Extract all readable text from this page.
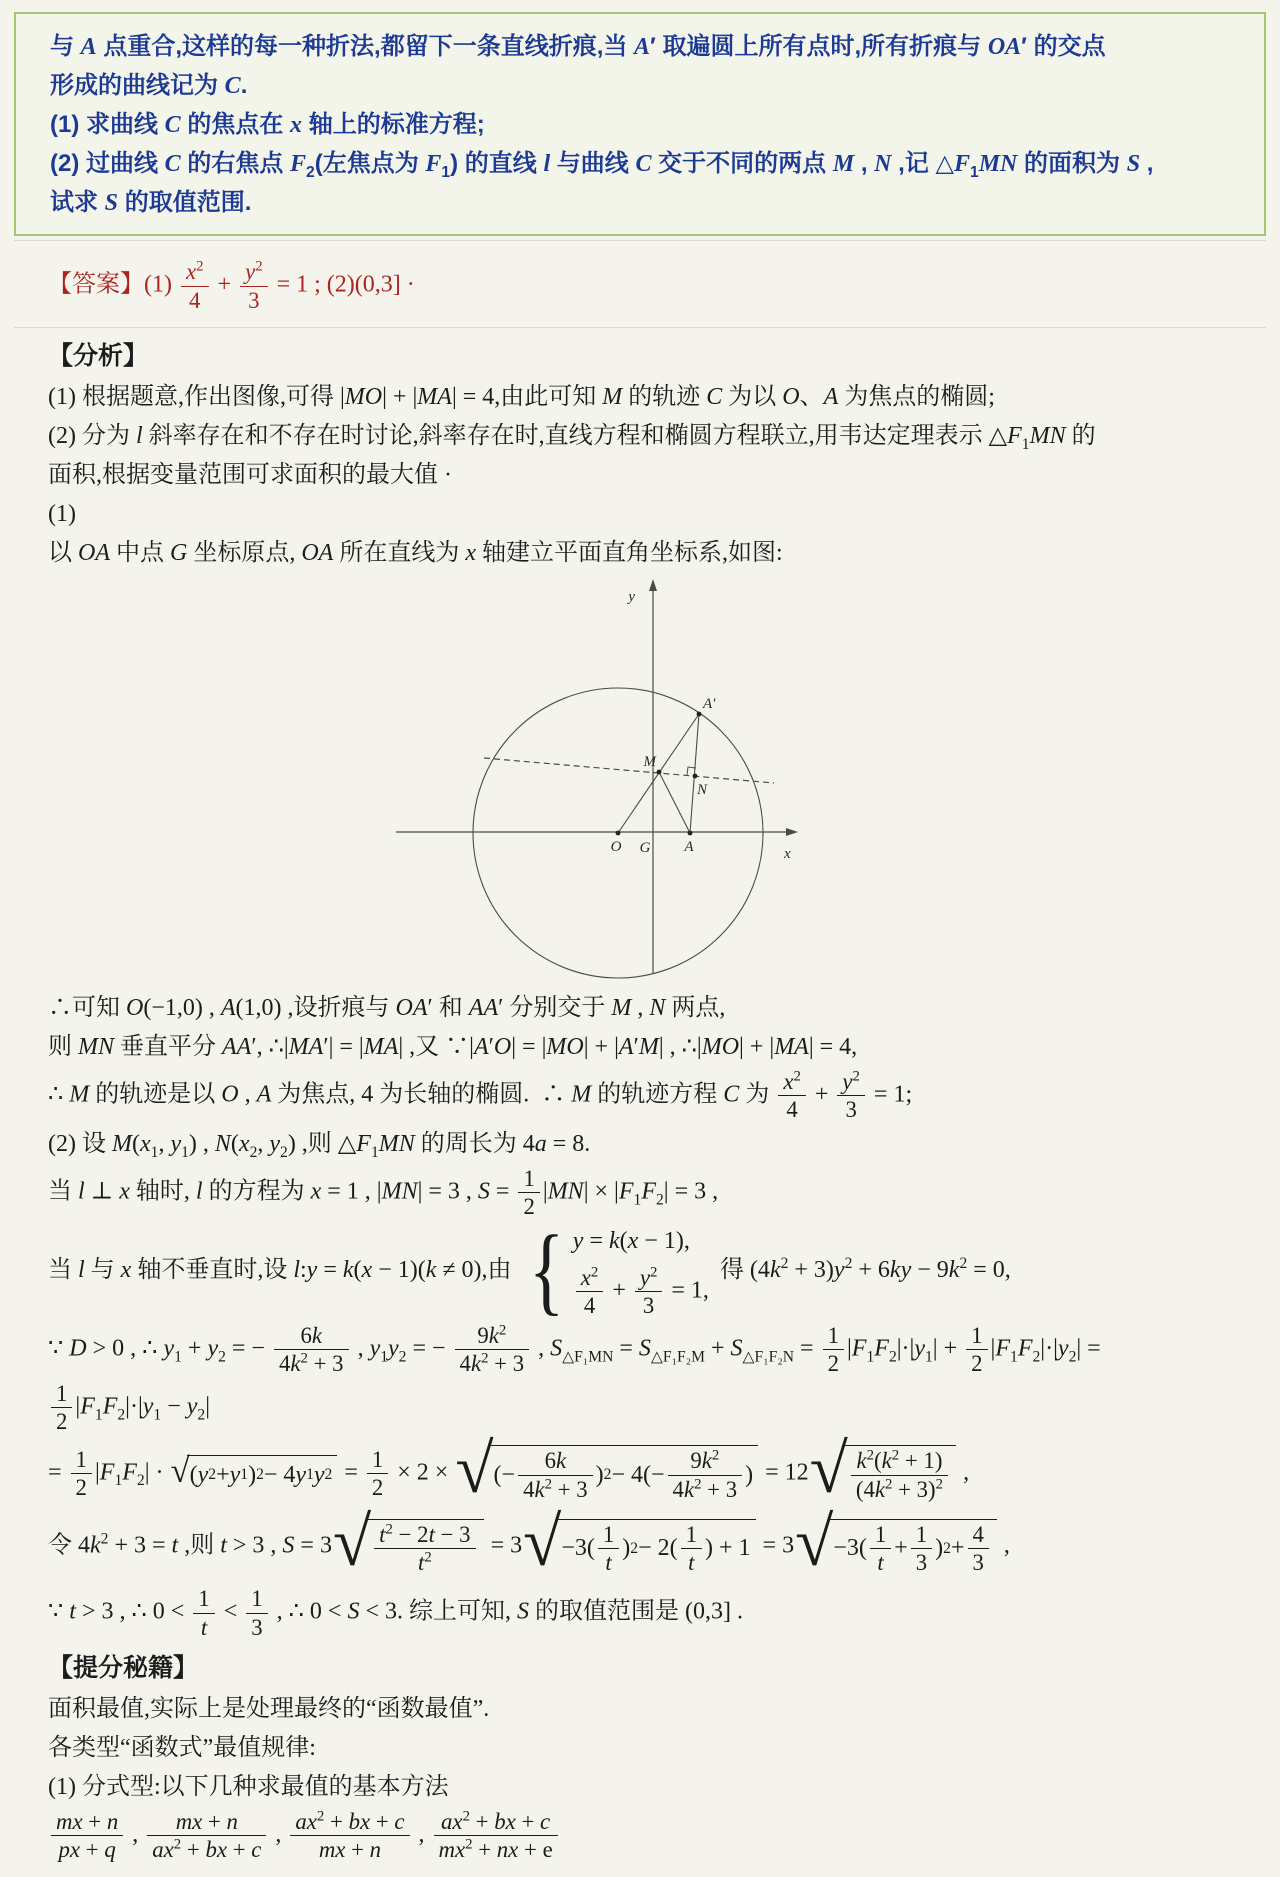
与 A 点重合,这样的每一种折法,都留下一条直线折痕,当 A′ 取遍圆上所有点时,所有折痕与 OA′ 的交点
形成的曲线记为 C.
(1) 求曲线 C 的焦点在 x 轴上的标准方程;
(2) 过曲线 C 的右焦点 $F_2$(左焦点为 $F_1$) 的直线 l 与曲线 C 交于不同的两点 M , N ,记 $\triangle F_1MN$ 的面积为 S ,
试求 S 的取值范围.
【答案】$(1) \frac{x^2}{4} + \frac{y^2}{3} = 1$ ; (2)(0,3] ·
【分析】
(1) 根据题意,作出图像,可得 |MO| + |MA| = 4,由此可知 M 的轨迹 C 为以 O、A 为焦点的椭圆;
(2) 分为 l 斜率存在和不存在时讨论,斜率存在时,直线方程和椭圆方程联立,用韦达定理表示 $\triangle F_1MN$ 的
面积,根据变量范围可求面积的最大值 ·
(1)
以 OA 中点 G 坐标原点, OA 所在直线为 x 轴建立平面直角坐标系,如图:
y
x
O G A
A′
M
N
∴可知 O(−1,0) , A(1,0) ,设折痕与 OA′ 和 AA′ 分别交于 M , N 两点,
则 MN 垂直平分 AA′, ∴|MA′| = |MA| ,又 ∵|A′O| = |MO| + |A′M| , ∴|MO| + |MA| = 4,
∴ M 的轨迹是以 O , A 为焦点, 4 为长轴的椭圆.  ∴ M 的轨迹方程 C 为 $\frac{x^2}{4} + \frac{y^2}{3} = 1$;
(2) 设 $M(x_1$, $y_1$) , $N(x_2$, $y_2$) ,则 $\triangle F_1MN$ 的周长为 4a = 8.
当 l ⊥ x 轴时, l 的方程为 x = 1 , |MN| = 3 , $S = \frac{1}{2} |MN| \times |F_1F_2| = 3$ ,
当 l 与 x 轴不垂直时,设 l:y = k(x − 1)(k ≠ 0),由 { y = k(x − 1),
$\frac{x^2}{4} + \frac{y^2}{3} = 1$,
得 $(4k^2 + 3)y^2 + 6ky - 9k^2 = 0$,
∵ D > 0 , ∴ $y_1 + y_2$ = − $\frac{6k}{4k^2 + 3}$ , $y_1y_2$ = − $\frac{9k^2}{4k^2 + 3}$ , $S_{\triangle F_1MN} = S_{\triangle F_1F_2M} + S_{\triangle F_1F_2N} = \frac{1}{2} |F_1F_2|\cdot|y_1| + \frac{1}{2} |F_1F_2|\cdot|y_2|$ =
$\frac{1}{2} |F_1F_2|\cdot|y_1 - y_2|$
= $\frac{1}{2} |F_1F_2|$ · √ ( y 2 + y 1 ) 2 − 4 y 1 y $2 = \frac{1}{2} \times 2$ × √ (− $\frac{6k}{4k^2 + 3}$ ) $2 - 4(- \frac{9k^2}{4k^2 + 3}$ ) = 12 √ $\frac{k^2(k^2 + 1)}{(4k^2 + 3)^2}$ ,
令 $4k^2 + 3 = t$ ,则 t > 3 , S = 3 √ $\frac{t^2 - 2t - 3}{t^2} = 3$ √ $-3( \frac{1}{t}$ ) $2 - 2( \frac{1}{t}$ ) + 1 = 3 √ $-3( \frac{1}{t} + \frac{1}{3}$ ) $2 + \frac{4}{3}$ ,
∵ t > 3 , ∴ $0 < \frac{1}{t} < \frac{1}{3}$ , ∴ 0 < S < 3. 综上可知, S 的取值范围是 (0,3] .
【提分秘籍】
面积最值,实际上是处理最终的“函数最值”.
各类型“函数式”最值规律:
(1) 分式型:以下几种求最值的基本方法
$\frac{mx + n}{px + q}$ , $\frac{mx + n}{ax^2 + bx + c}$ , $\frac{ax^2 + bx + c}{mx + n}$ , $\frac{ax^2 + bx + c}{mx^2 + nx + e}$
